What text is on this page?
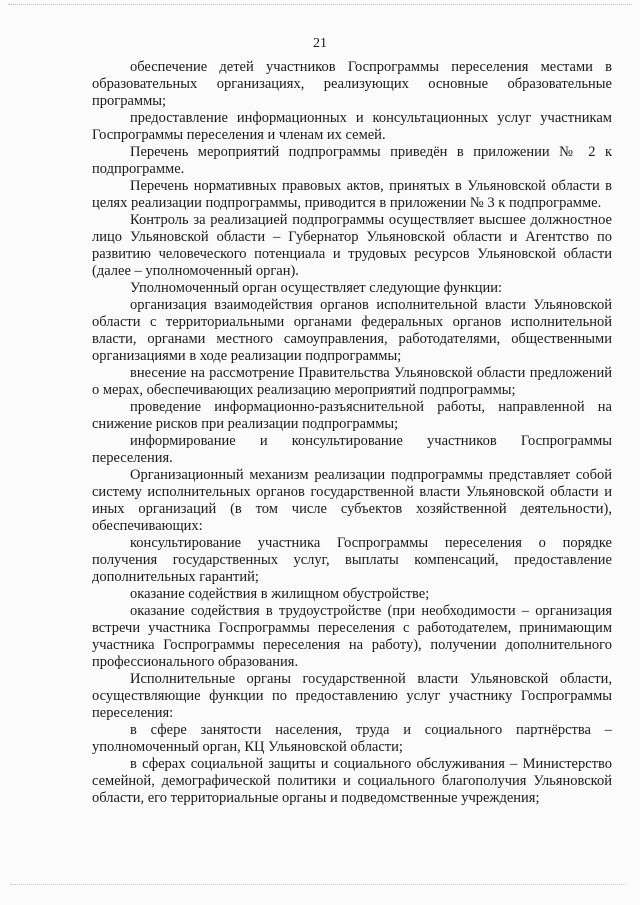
21

обеспечение детей участников Госпрограммы переселения местами в образовательных организациях, реализующих основные образовательные программы;

предоставление информационных и консультационных услуг участникам Госпрограммы переселения и членам их семей.

Перечень мероприятий подпрограммы приведён в приложении № 2 к подпрограмме.

Перечень нормативных правовых актов, принятых в Ульяновской области в целях реализации подпрограммы, приводится в приложении № 3 к подпрограмме.

Контроль за реализацией подпрограммы осуществляет высшее должностное лицо Ульяновской области – Губернатор Ульяновской области и Агентство по развитию человеческого потенциала и трудовых ресурсов Ульяновской области (далее – уполномоченный орган).

Уполномоченный орган осуществляет следующие функции:

организация взаимодействия органов исполнительной власти Ульяновской области с территориальными органами федеральных органов исполнительной власти, органами местного самоуправления, работодателями, общественными организациями в ходе реализации подпрограммы;

внесение на рассмотрение Правительства Ульяновской области предложений о мерах, обеспечивающих реализацию мероприятий подпрограммы;

проведение информационно-разъяснительной работы, направленной на снижение рисков при реализации подпрограммы;

информирование и консультирование участников Госпрограммы переселения.

Организационный механизм реализации подпрограммы представляет собой систему исполнительных органов государственной власти Ульяновской области и иных организаций (в том числе субъектов хозяйственной деятельности), обеспечивающих:

консультирование участника Госпрограммы переселения о порядке получения государственных услуг, выплаты компенсаций, предоставление дополнительных гарантий;

оказание содействия в жилищном обустройстве;

оказание содействия в трудоустройстве (при необходимости – организация встречи участника Госпрограммы переселения с работодателем, принимающим участника Госпрограммы переселения на работу), получении дополнительного профессионального образования.

Исполнительные органы государственной власти Ульяновской области, осуществляющие функции по предоставлению услуг участнику Госпрограммы переселения:

в сфере занятости населения, труда и социального партнёрства – уполномоченный орган, КЦ Ульяновской области;

в сферах социальной защиты и социального обслуживания – Министерство семейной, демографической политики и социального благополучия Ульяновской области, его территориальные органы и подведомственные учреждения;
